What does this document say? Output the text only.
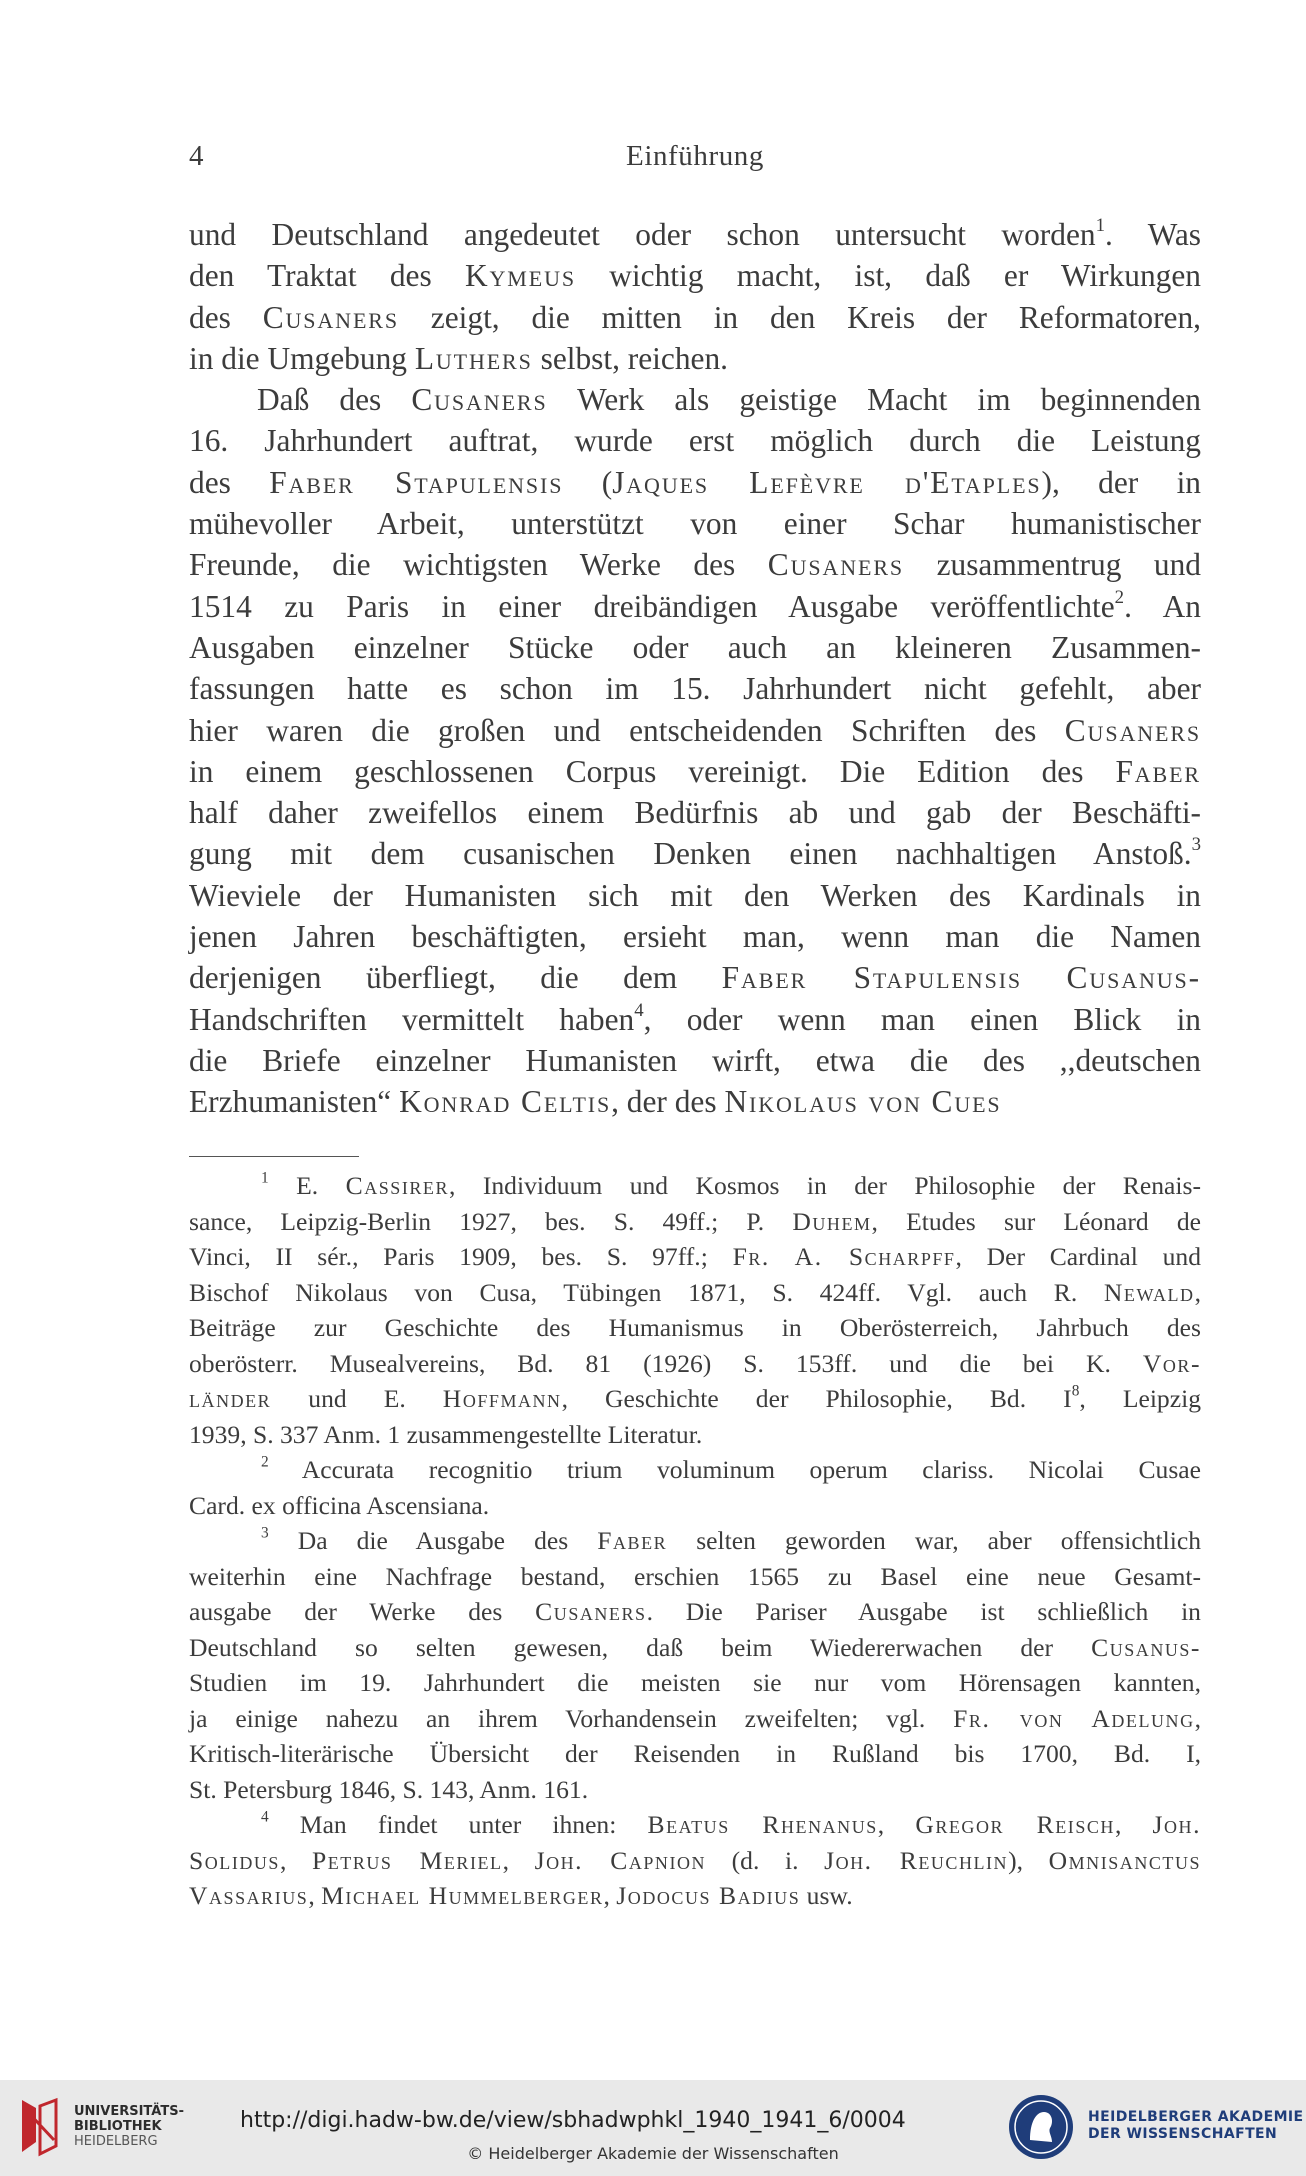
4	Einführung
und Deutschland angedeutet oder schon untersucht worden$^1$. Was
den Traktat des Kymeus wichtig macht, ist, daß er Wirkungen
des Cusaners zeigt, die mitten in den Kreis der Reformatoren,
in die Umgebung Luthers selbst, reichen.
Daß des Cusaners Werk als geistige Macht im beginnenden
16. Jahrhundert auftrat, wurde erst möglich durch die Leistung
des Faber Stapulensis (Jaques Lefèvre d'Etaples), der in
mühevoller Arbeit, unterstützt von einer Schar humanistischer
Freunde, die wichtigsten Werke des Cusaners zusammentrug und
1514 zu Paris in einer dreibändigen Ausgabe veröffentlichte$^2$. An
Ausgaben einzelner Stücke oder auch an kleineren Zusammen-
fassungen hatte es schon im 15. Jahrhundert nicht gefehlt, aber
hier waren die großen und entscheidenden Schriften des Cusaners
in einem geschlossenen Corpus vereinigt. Die Edition des Faber
half daher zweifellos einem Bedürfnis ab und gab der Beschäfti-
gung mit dem cusanischen Denken einen nachhaltigen Anstoß.$^3$
Wieviele der Humanisten sich mit den Werken des Kardinals in
jenen Jahren beschäftigten, ersieht man, wenn man die Namen
derjenigen überfliegt, die dem Faber Stapulensis Cusanus-
Handschriften vermittelt haben$^4$, oder wenn man einen Blick in
die Briefe einzelner Humanisten wirft, etwa die des ,,deutschen
Erzhumanisten“ Konrad Celtis, der des Nikolaus von Cues
$^1$ E. Cassirer, Individuum und Kosmos in der Philosophie der Renais-
sance, Leipzig-Berlin 1927, bes. S. 49ff.; P. Duhem, Etudes sur Léonard de
Vinci, II sér., Paris 1909, bes. S. 97ff.; Fr. A. Scharpff, Der Cardinal und
Bischof Nikolaus von Cusa, Tübingen 1871, S. 424ff. Vgl. auch R. Newald,
Beiträge zur Geschichte des Humanismus in Oberösterreich, Jahrbuch des
oberösterr. Musealvereins, Bd. 81 (1926) S. 153ff. und die bei K. Vor-
länder und E. Hoffmann, Geschichte der Philosophie, Bd. $I^8$, Leipzig
1939, S. 337 Anm. 1 zusammengestellte Literatur.
$^2$ Accurata recognitio trium voluminum operum clariss. Nicolai Cusae
Card. ex officina Ascensiana.
$^3$ Da die Ausgabe des Faber selten geworden war, aber offensichtlich
weiterhin eine Nachfrage bestand, erschien 1565 zu Basel eine neue Gesamt-
ausgabe der Werke des Cusaners. Die Pariser Ausgabe ist schließlich in
Deutschland so selten gewesen, daß beim Wiedererwachen der Cusanus-
Studien im 19. Jahrhundert die meisten sie nur vom Hörensagen kannten,
ja einige nahezu an ihrem Vorhandensein zweifelten; vgl. Fr. von Adelung,
Kritisch-literärische Übersicht der Reisenden in Rußland bis 1700, Bd. I,
St. Petersburg 1846, S. 143, Anm. 161.
$^4$ Man findet unter ihnen: Beatus Rhenanus, Gregor Reisch, Joh.
Solidus, Petrus Meriel, Joh. Capnion (d. i. Joh. Reuchlin), Omnisanctus
Vassarius, Michael Hummelberger, Jodocus Badius usw.
UNIVERSITÄTS-
BIBLIOTHEK
HEIDELBERG
http://digi.hadw-bw.de/view/sbhadwphkl_1940_1941_6/0004
© Heidelberger Akademie der Wissenschaften
HEIDELBERGER AKADEMIE
DER WISSENSCHAFTEN
